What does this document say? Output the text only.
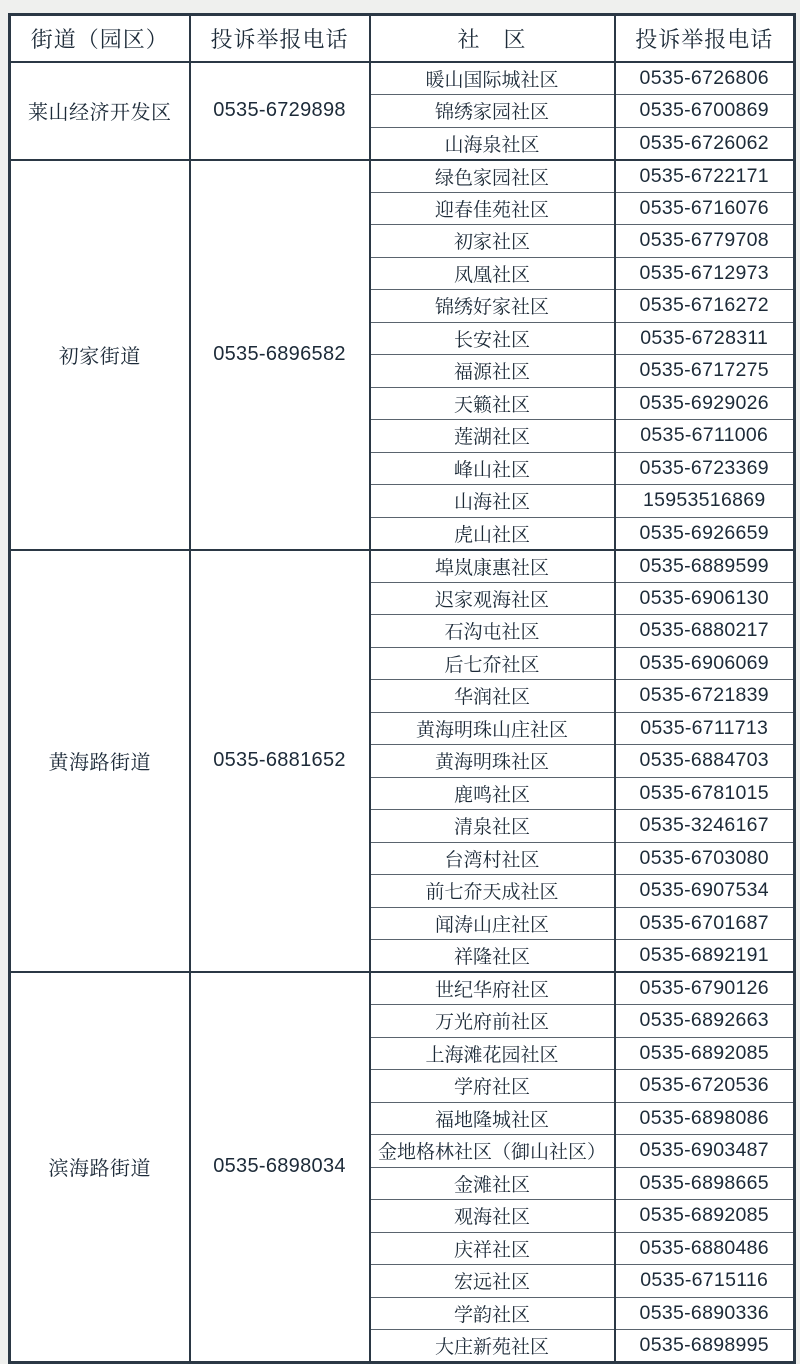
街道（园区）	投诉举报电话	社　区	投诉举报电话
莱山经济开发区	0535-6729898	暖山国际城社区	0535-6726806
		锦绣家园社区	0535-6700869
		山海泉社区	0535-6726062
初家街道	0535-6896582	绿色家园社区	0535-6722171
		迎春佳苑社区	0535-6716076
		初家社区	0535-6779708
		凤凰社区	0535-6712973
		锦绣好家社区	0535-6716272
		长安社区	0535-6728311
		福源社区	0535-6717275
		天籁社区	0535-6929026
		莲湖社区	0535-6711006
		峰山社区	0535-6723369
		山海社区	15953516869
		虎山社区	0535-6926659
黄海路街道	0535-6881652	埠岚康惠社区	0535-6889599
		迟家观海社区	0535-6906130
		石沟屯社区	0535-6880217
		后七夼社区	0535-6906069
		华润社区	0535-6721839
		黄海明珠山庄社区	0535-6711713
		黄海明珠社区	0535-6884703
		鹿鸣社区	0535-6781015
		清泉社区	0535-3246167
		台湾村社区	0535-6703080
		前七夼天成社区	0535-6907534
		闻涛山庄社区	0535-6701687
		祥隆社区	0535-6892191
滨海路街道	0535-6898034	世纪华府社区	0535-6790126
		万光府前社区	0535-6892663
		上海滩花园社区	0535-6892085
		学府社区	0535-6720536
		福地隆城社区	0535-6898086
		金地格林社区（御山社区）	0535-6903487
		金滩社区	0535-6898665
		观海社区	0535-6892085
		庆祥社区	0535-6880486
		宏远社区	0535-6715116
		学韵社区	0535-6890336
		大庄新苑社区	0535-6898995
